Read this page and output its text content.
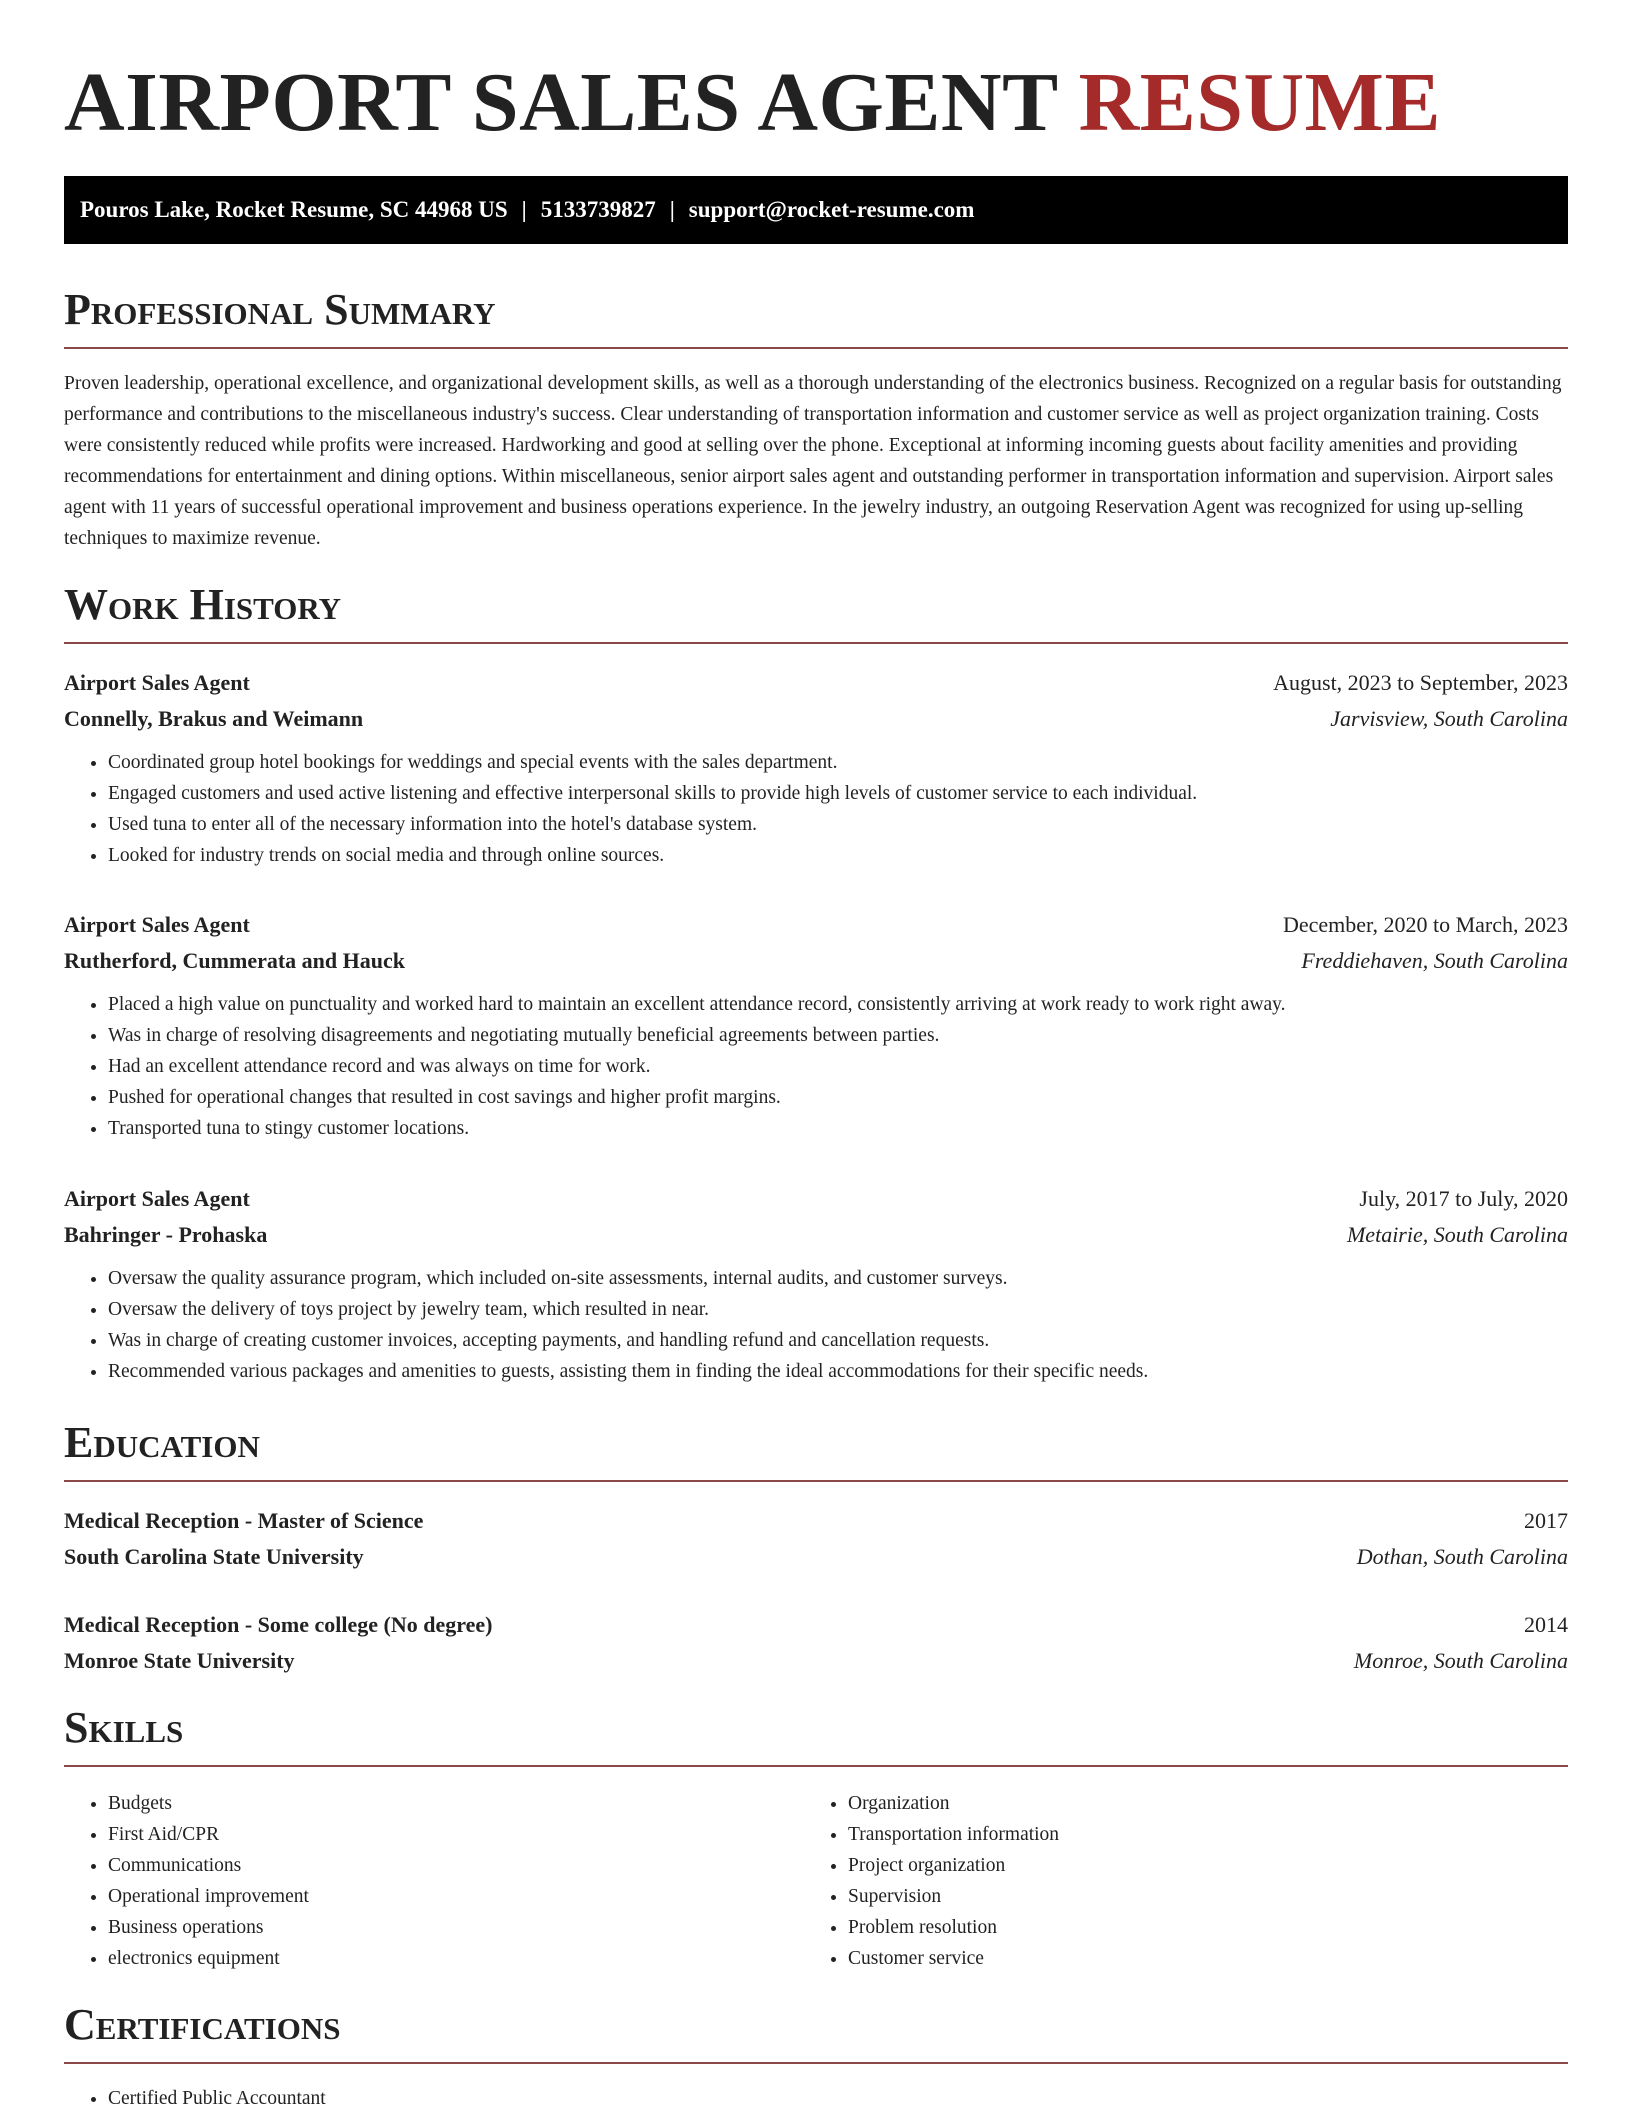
AIRPORT SALES AGENT RESUME
Pouros Lake, Rocket Resume, SC 44968 US | 5133739827 | support@rocket-resume.com
Professional Summary

Proven leadership, operational excellence, and organizational development skills, as well as a thorough understanding of the electronics business. Recognized on a regular basis for outstanding performance and contributions to the miscellaneous industry's success. Clear understanding of transportation information and customer service as well as project organization training. Costs were consistently reduced while profits were increased. Hardworking and good at selling over the phone. Exceptional at informing incoming guests about facility amenities and providing recommendations for entertainment and dining options. Within miscellaneous, senior airport sales agent and outstanding performer in transportation information and supervision. Airport sales agent with 11 years of successful operational improvement and business operations experience. In the jewelry industry, an outgoing Reservation Agent was recognized for using up-selling techniques to maximize revenue.

Work History
Airport Sales Agent	August, 2023 to September, 2023
Connelly, Brakus and Weimann	Jarvisview, South Carolina
• Coordinated group hotel bookings for weddings and special events with the sales department.
• Engaged customers and used active listening and effective interpersonal skills to provide high levels of customer service to each individual.
• Used tuna to enter all of the necessary information into the hotel's database system.
• Looked for industry trends on social media and through online sources.
Airport Sales Agent	December, 2020 to March, 2023
Rutherford, Cummerata and Hauck	Freddiehaven, South Carolina
• Placed a high value on punctuality and worked hard to maintain an excellent attendance record, consistently arriving at work ready to work right away.
• Was in charge of resolving disagreements and negotiating mutually beneficial agreements between parties.
• Had an excellent attendance record and was always on time for work.
• Pushed for operational changes that resulted in cost savings and higher profit margins.
• Transported tuna to stingy customer locations.
Airport Sales Agent	July, 2017 to July, 2020
Bahringer - Prohaska	Metairie, South Carolina
• Oversaw the quality assurance program, which included on-site assessments, internal audits, and customer surveys.
• Oversaw the delivery of toys project by jewelry team, which resulted in near.
• Was in charge of creating customer invoices, accepting payments, and handling refund and cancellation requests.
• Recommended various packages and amenities to guests, assisting them in finding the ideal accommodations for their specific needs.
Education
Medical Reception - Master of Science	2017
South Carolina State University	Dothan, South Carolina
Medical Reception - Some college (No degree)	2014
Monroe State University	Monroe, South Carolina
Skills
• Budgets
• First Aid/CPR
• Communications
• Operational improvement
• Business operations
• electronics equipment
• Organization
• Transportation information
• Project organization
• Supervision
• Problem resolution
• Customer service
Certifications
• Certified Public Accountant
